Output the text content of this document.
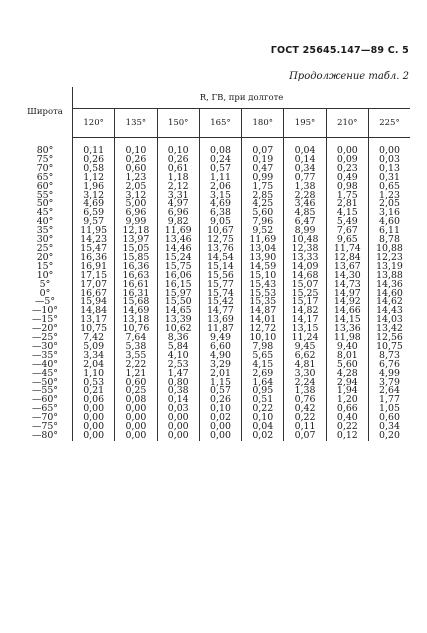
ГОСТ 25645.147—89 С. 5
Продолжение табл. 2
Широта	R, ГВ, при долготе							
	120°	135°	150°	165°	180°	195°	210°	225°
80°	0,11	0,10	0,10	0,08	0,07	0,04	0,00	0,00
75°	0,26	0,26	0,26	0,24	0,19	0,14	0,09	0,03
70°	0,58	0,60	0,61	0,57	0,47	0,34	0,23	0,13
65°	1,12	1,23	1,18	1,11	0,99	0,77	0,49	0,31
60°	1,96	2,05	2,12	2,06	1,75	1,38	0,98	0,65
55°	3,12	3,12	3,31	3,15	2,85	2,28	1,75	1,23
50°	4,69	5,00	4,97	4,69	4,25	3,46	2,81	2,05
45°	6,59	6,96	6,96	6,38	5,60	4,85	4,15	3,16
40°	9,57	9,99	9,82	9,05	7,96	6,47	5,49	4,60
35°	11,95	12,18	11,69	10,67	9,52	8,99	7,67	6,11
30°	14,23	13,97	13,46	12,75	11,69	10,48	9,65	8,78
25°	15,47	15,05	14,46	13,76	13,04	12,38	11,74	10,88
20°	16,36	15,85	15,24	14,54	13,90	13,33	12,84	12,23
15°	16,91	16,36	15,75	15,14	14,59	14,09	13,67	13,19
10°	17,15	16,63	16,06	15,56	15,10	14,68	14,30	13,88
5°	17,07	16,61	16,15	15,77	15,43	15,07	14,73	14,36
0°	16,67	16,31	15,97	15,74	15,53	15,25	14,97	14,60
—5°	15,94	15,68	15,50	15,42	15,35	15,17	14,92	14,62
—10°	14,84	14,69	14,65	14,77	14,87	14,82	14,66	14,43
—15°	13,17	13,18	13,39	13,69	14,01	14,17	14,15	14,03
—20°	10,75	10,76	10,62	11,87	12,72	13,15	13,36	13,42
—25°	7,42	7,64	8,36	9,49	10,10	11,24	11,98	12,56
—30°	5,09	5,38	5,84	6,60	7,98	9,45	9,40	10,75
—35°	3,34	3,55	4,10	4,90	5,65	6,62	8,01	8,73
—40°	2,04	2,22	2,53	3,29	4,15	4,81	5,60	6,76
—45°	1,10	1,21	1,47	2,01	2,69	3,30	4,28	4,99
—50°	0,53	0,60	0,80	1,15	1,64	2,24	2,94	3,79
—55°	0,21	0,25	0,38	0,57	0,95	1,38	1,94	2,64
—60°	0,06	0,08	0,14	0,26	0,51	0,76	1,20	1,77
—65°	0,00	0,00	0,03	0,10	0,22	0,42	0,66	1,05
—70°	0,00	0,00	0,00	0,02	0,10	0,22	0,40	0,60
—75°	0,00	0,00	0,00	0,00	0,04	0,11	0,22	0,34
—80°	0,00	0,00	0,00	0,00	0,02	0,07	0,12	0,20
